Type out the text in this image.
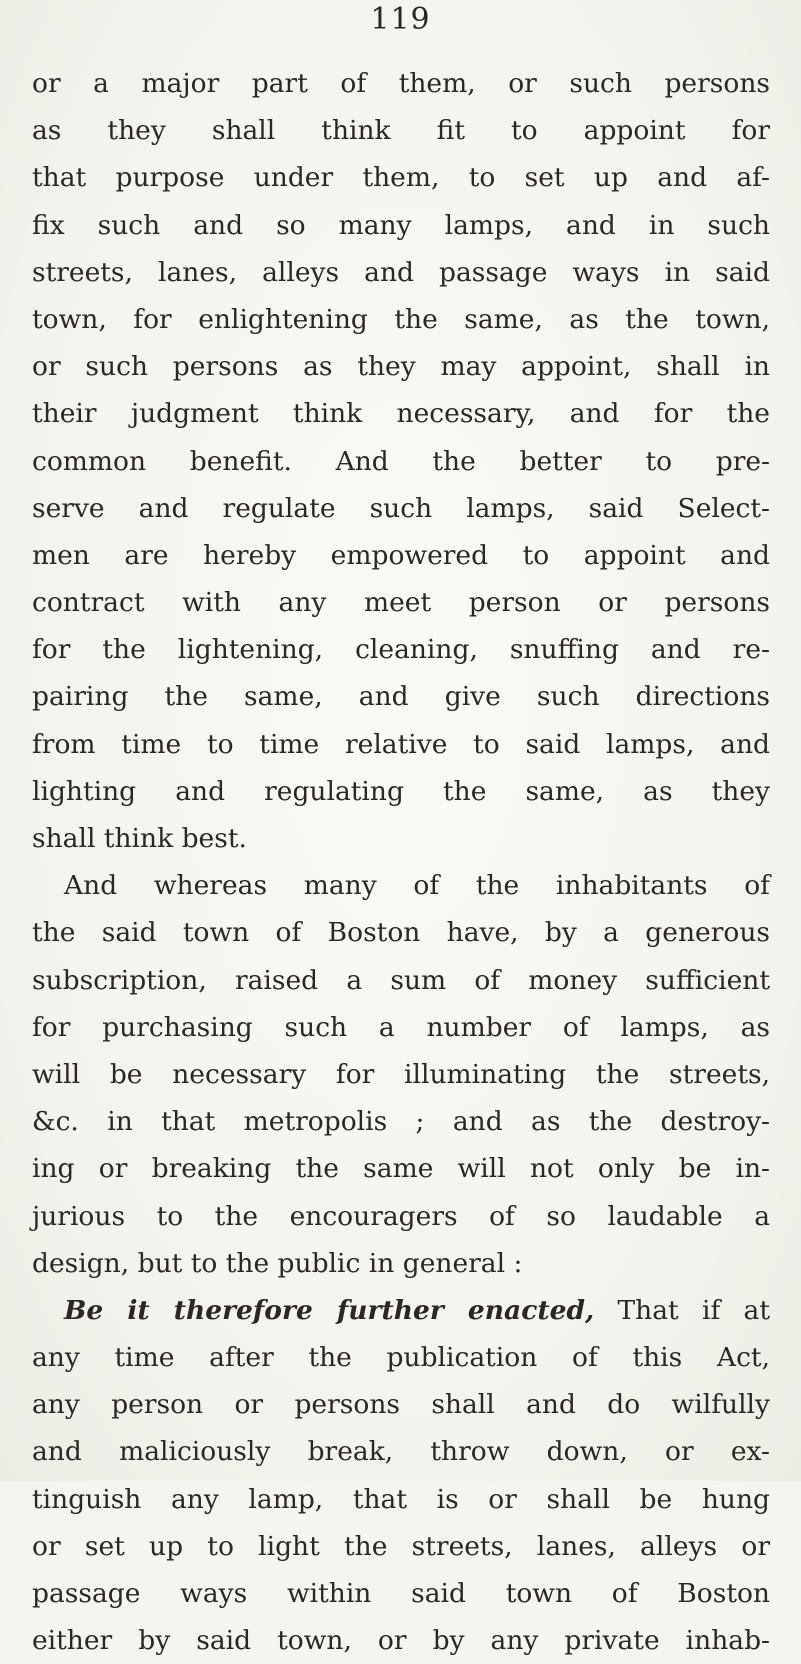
119
or a major part of them, or such persons
as they shall think fit to appoint for
that purpose under them, to set up and af-
fix such and so many lamps, and in such
streets, lanes, alleys and passage ways in said
town, for enlightening the same, as the town,
or such persons as they may appoint, shall in
their judgment think necessary, and for the
common benefit. And the better to pre-
serve and regulate such lamps, said Select-
men are hereby empowered to appoint and
contract with any meet person or persons
for the lightening, cleaning, snuffing and re-
pairing the same, and give such directions
from time to time relative to said lamps, and
lighting and regulating the same, as they
shall think best.
And whereas many of the inhabitants of
the said town of Boston have, by a generous
subscription, raised a sum of money sufficient
for purchasing such a number of lamps, as
will be necessary for illuminating the streets,
&c. in that metropolis ; and as the destroy-
ing or breaking the same will not only be in-
jurious to the encouragers of so laudable a
design, but to the public in general :
Be it therefore further enacted, That if at
any time after the publication of this Act,
any person or persons shall and do wilfully
and maliciously break, throw down, or ex-
tinguish any lamp, that is or shall be hung
or set up to light the streets, lanes, alleys or
passage ways within said town of Boston
either by said town, or by any private inhab-
